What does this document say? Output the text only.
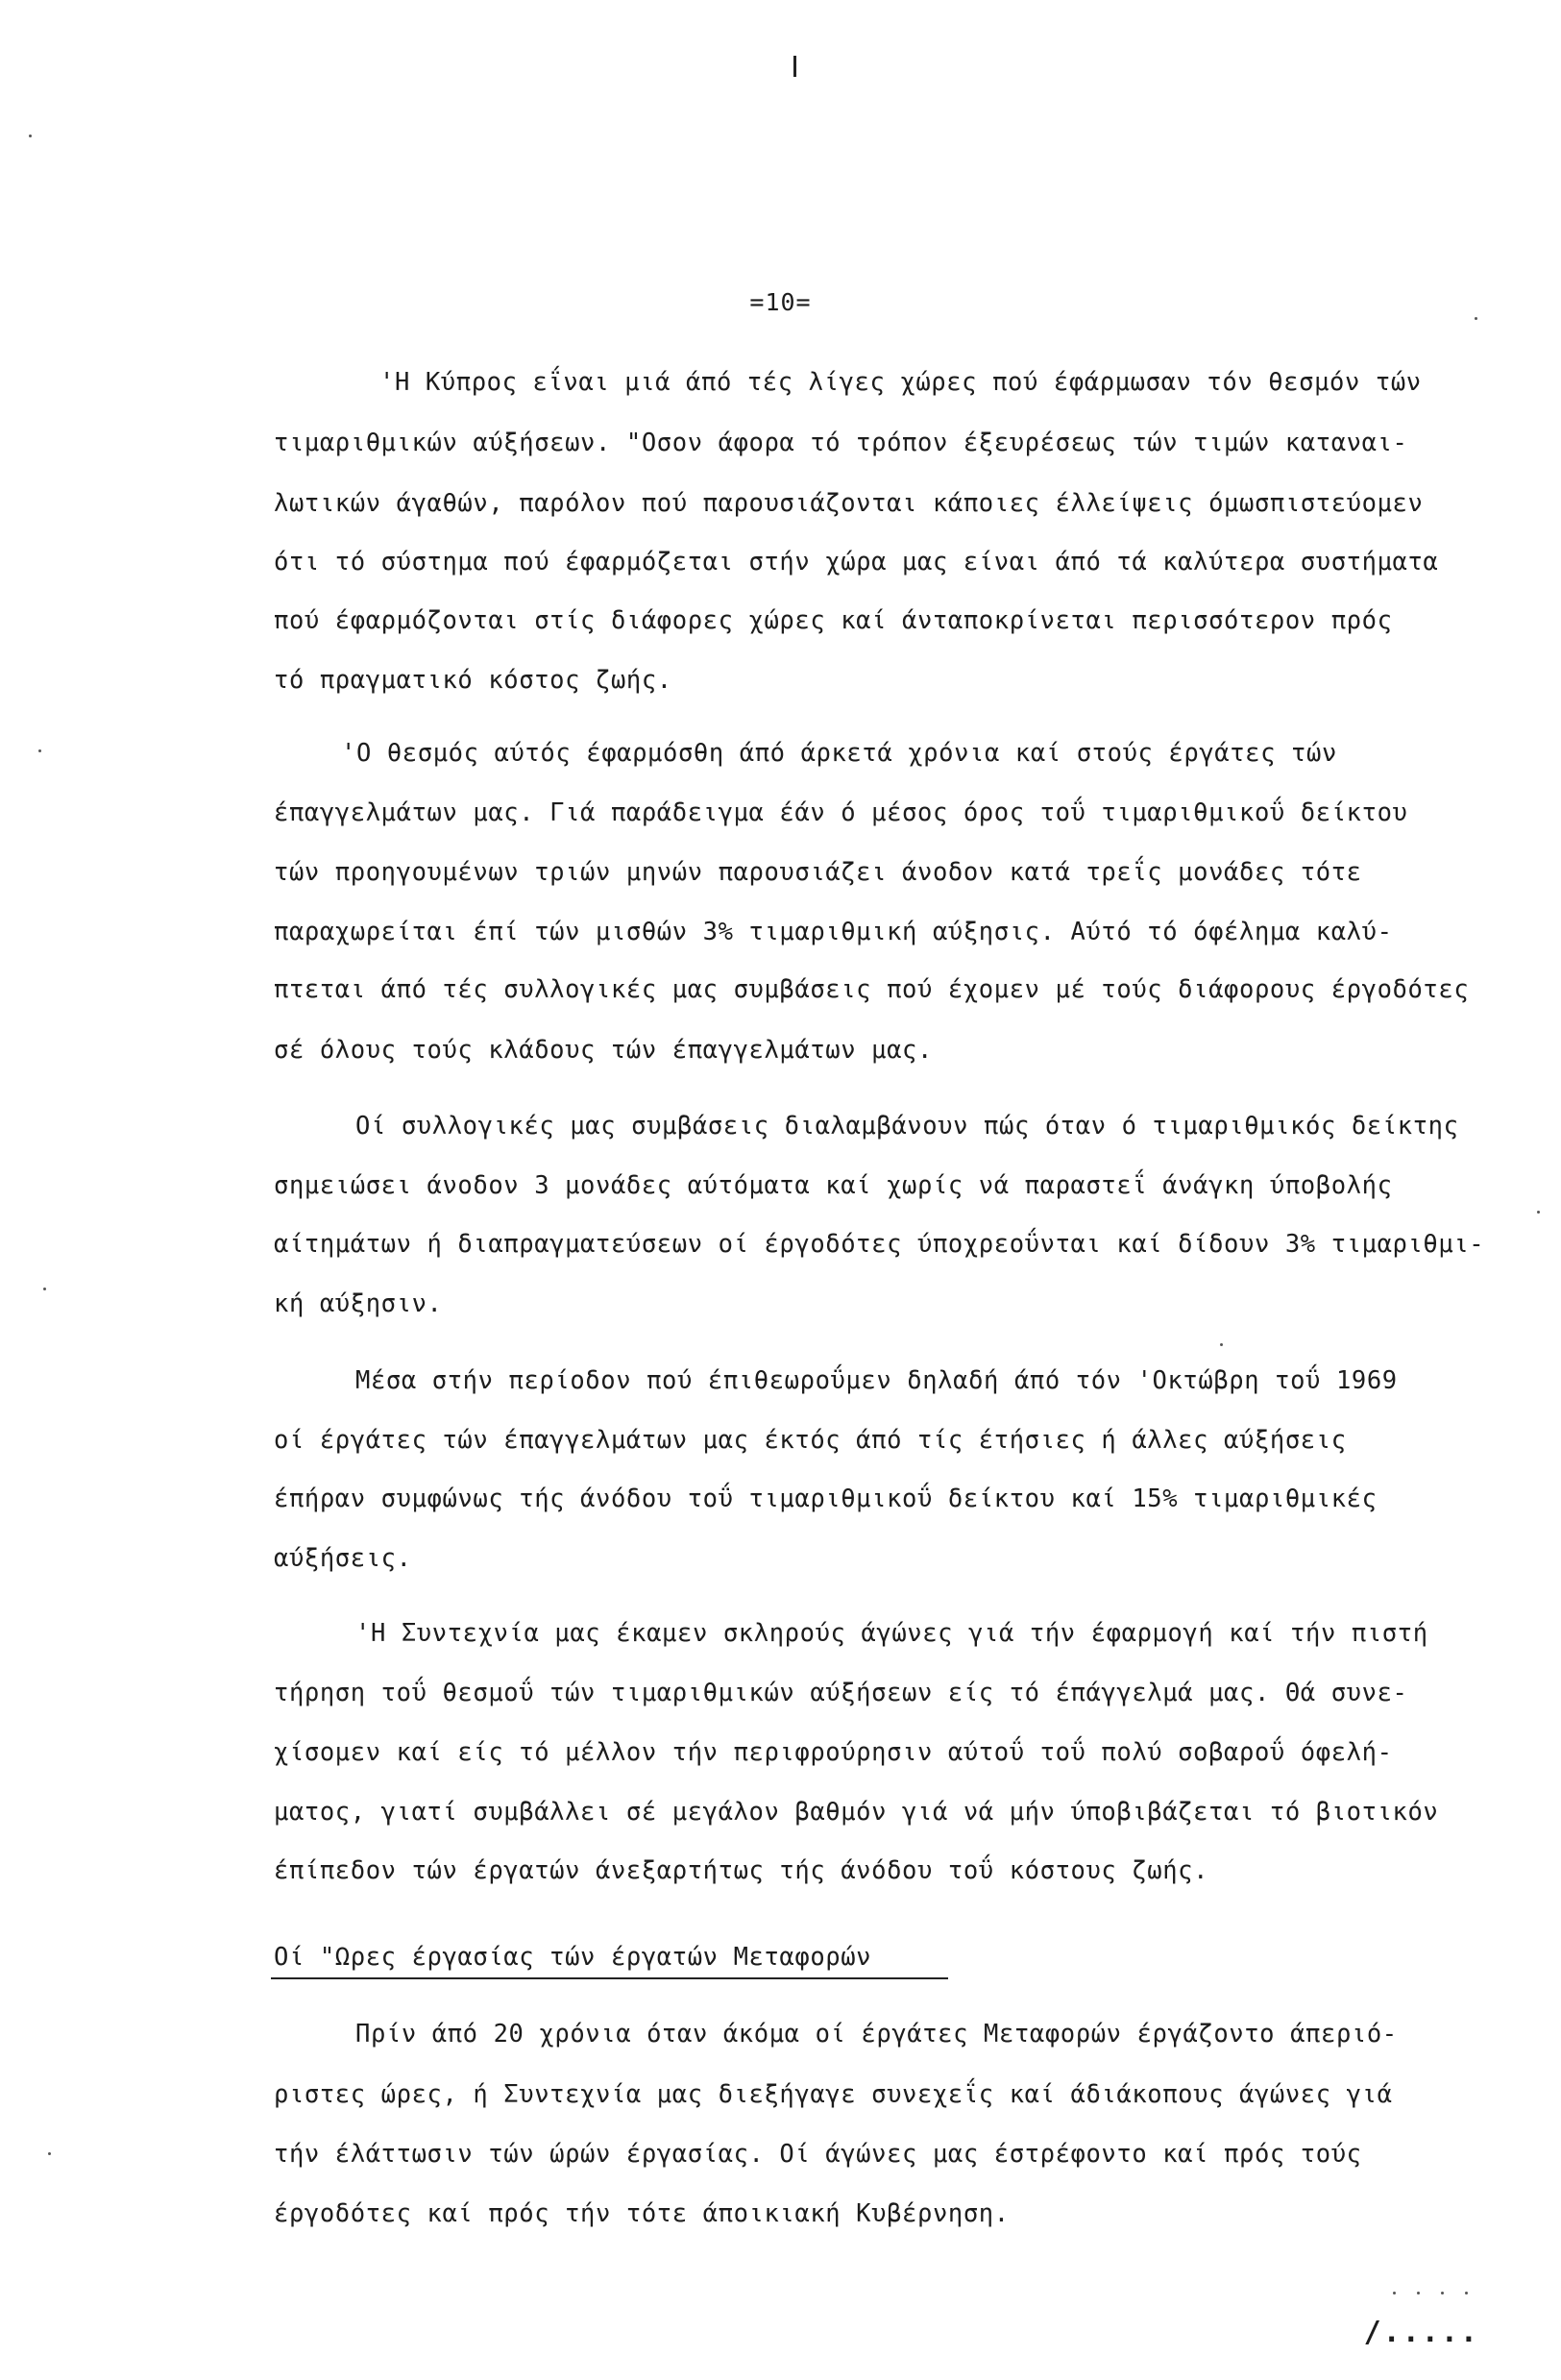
=10=
'Η Κύπρος εΐναι μιά άπό τές λίγες χώρες πού έφάρμωσαν τόν θεσμόν τών
τιμαριθμικών αύξήσεων. "Οσον άφορα τό τρόπον έξευρέσεως τών τιμών καταναι-
λωτικών άγαθών, παρόλον πού παρουσιάζονται κάποιες έλλείψεις όμωσπιστεύομεν
ότι τό σύστημα πού έφαρμόζεται στήν χώρα μας είναι άπό τά καλύτερα συστήματα
πού έφαρμόζονται στίς διάφορες χώρες καί άνταποκρίνεται περισσότερον πρός
τό πραγματικό κόστος ζωής.
'Ο θεσμός αύτός έφαρμόσθη άπό άρκετά χρόνια καί στούς έργάτες τών
έπαγγελμάτων μας. Γιά παράδειγμα έάν ό μέσος όρος τοΰ τιμαριθμικοΰ δείκτου
τών προηγουμένων τριών μηνών παρουσιάζει άνοδον κατά τρεΐς μονάδες τότε
παραχωρείται έπί τών μισθών 3% τιμαριθμική αύξησις. Αύτό τό όφέλημα καλύ-
πτεται άπό τές συλλογικές μας συμβάσεις πού έχομεν μέ τούς διάφορους έργοδότες
σέ όλους τούς κλάδους τών έπαγγελμάτων μας.
Οί συλλογικές μας συμβάσεις διαλαμβάνουν πώς όταν ό τιμαριθμικός δείκτης
σημειώσει άνοδον 3 μονάδες αύτόματα καί χωρίς νά παραστεΐ άνάγκη ύποβολής
αίτημάτων ή διαπραγματεύσεων οί έργοδότες ύποχρεοΰνται καί δίδουν 3% τιμαριθμι-
κή αύξησιν.
Μέσα στήν περίοδον πού έπιθεωροΰμεν δηλαδή άπό τόν 'Οκτώβρη τοΰ 1969
οί έργάτες τών έπαγγελμάτων μας έκτός άπό τίς έτήσιες ή άλλες αύξήσεις
έπήραν συμφώνως τής άνόδου τοΰ τιμαριθμικοΰ δείκτου καί 15% τιμαριθμικές
αύξήσεις.
'Η Συντεχνία μας έκαμεν σκληρούς άγώνες γιά τήν έφαρμογή καί τήν πιστή
τήρηση τοΰ θεσμοΰ τών τιμαριθμικών αύξήσεων είς τό έπάγγελμά μας. Θά συνε-
χίσομεν καί είς τό μέλλον τήν περιφρούρησιν αύτοΰ τοΰ πολύ σοβαροΰ όφελή-
ματος, γιατί συμβάλλει σέ μεγάλον βαθμόν γιά νά μήν ύποβιβάζεται τό βιοτικόν
έπίπεδον τών έργατών άνεξαρτήτως τής άνόδου τοΰ κόστους ζωής.
Οί "Ωρες έργασίας τών έργατών Μεταφορών
Πρίν άπό 20 χρόνια όταν άκόμα οί έργάτες Μεταφορών έργάζοντο άπεριό-
ριστες ώρες, ή Συντεχνία μας διεξήγαγε συνεχεΐς καί άδιάκοπους άγώνες γιά
τήν έλάττωσιν τών ώρών έργασίας. Οί άγώνες μας έστρέφοντο καί πρός τούς
έργοδότες καί πρός τήν τότε άποικιακή Κυβέρνηση.
/.....
